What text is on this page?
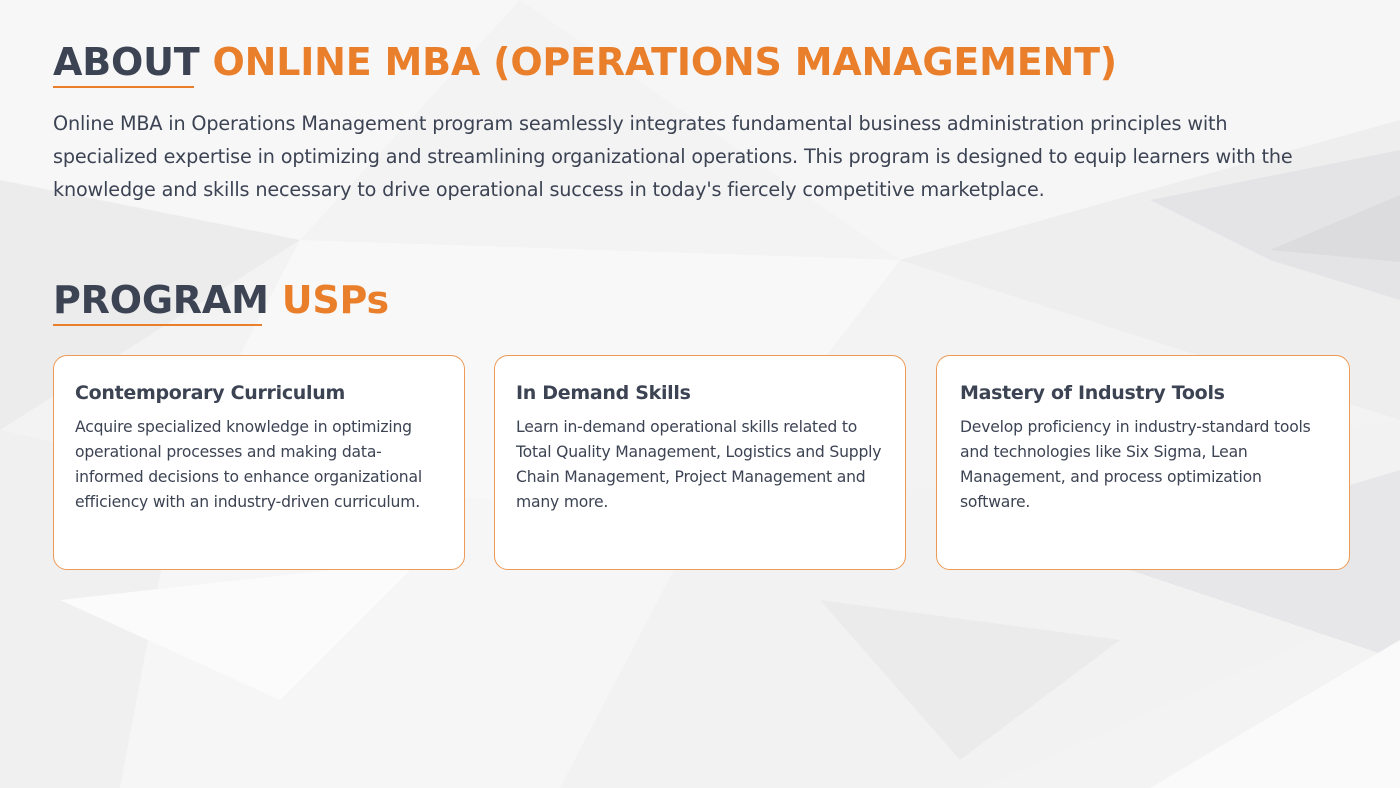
ABOUT ONLINE MBA (OPERATIONS MANAGEMENT)

Online MBA in Operations Management program seamlessly integrates fundamental business administration principles with specialized expertise in optimizing and streamlining organizational operations. This program is designed to equip learners with the knowledge and skills necessary to drive operational success in today's fiercely competitive marketplace.

PROGRAM USPs
Contemporary Curriculum

Acquire specialized knowledge in optimizing operational processes and making data-informed decisions to enhance organizational efficiency with an industry-driven curriculum.

In Demand Skills

Learn in-demand operational skills related to Total Quality Management, Logistics and Supply Chain Management, Project Management and many more.

Mastery of Industry Tools

Develop proficiency in industry-standard tools and technologies like Six Sigma, Lean Management, and process optimization software.
